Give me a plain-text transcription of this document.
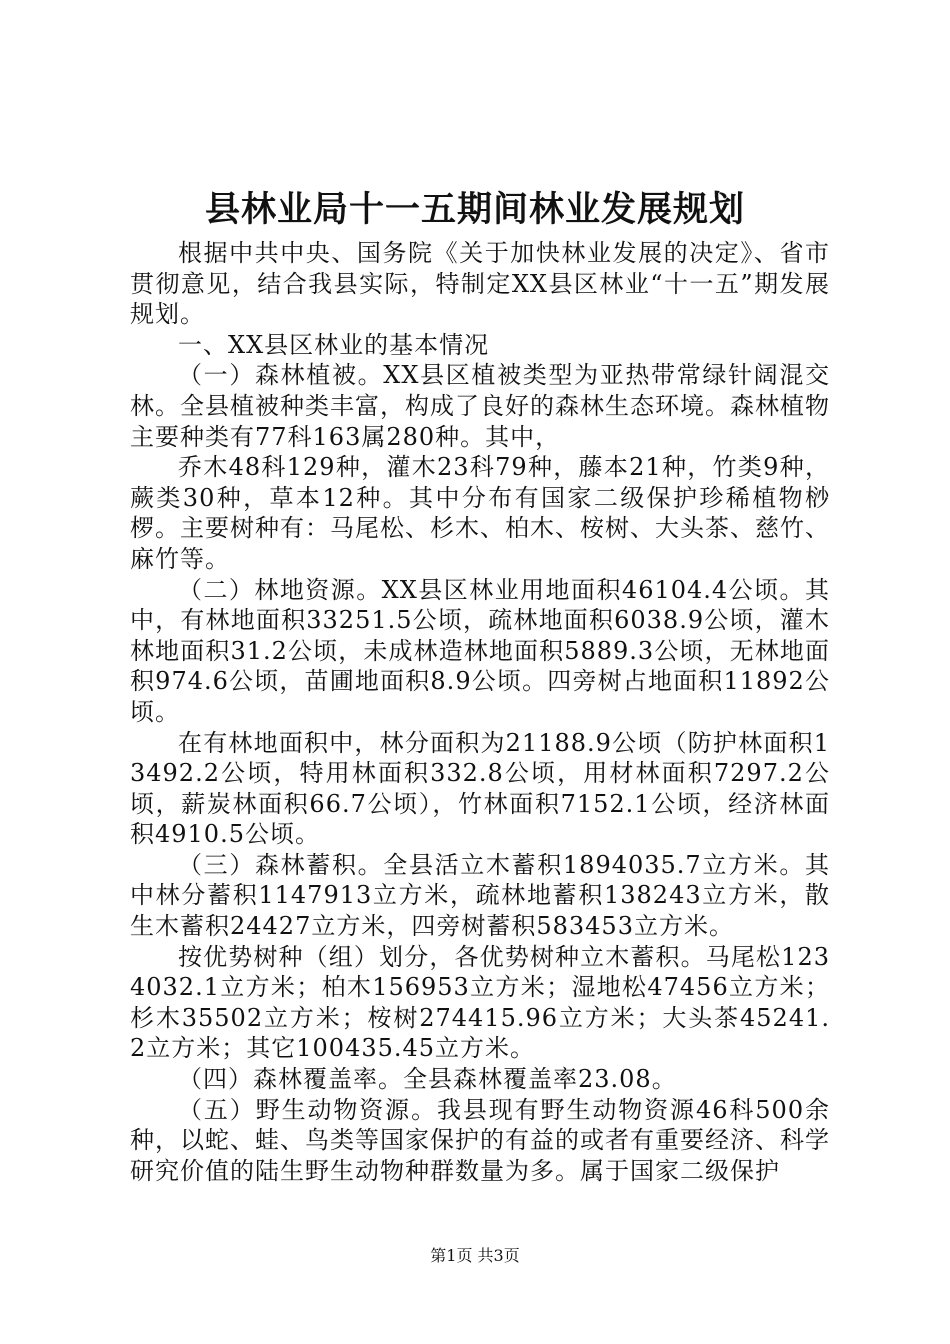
县林业局十一五期间林业发展规划

根据中共中央、国务院《关于加快林业发展的决定》、省市贯彻意见，结合我县实际，特制定XX县区林业“十一五”期发展规划。

一、XX县区林业的基本情况

（一）森林植被。XX县区植被类型为亚热带常绿针阔混交林。全县植被种类丰富，构成了良好的森林生态环境。森林植物主要种类有77科163属280种。其中，

乔木48科129种，灌木23科79种，藤本21种，竹类9种，蕨类30种，草本12种。其中分布有国家二级保护珍稀植物桫椤。主要树种有：马尾松、杉木、柏木、桉树、大头茶、慈竹、麻竹等。

（二）林地资源。XX县区林业用地面积46104.4公顷。其中，有林地面积33251.5公顷，疏林地面积6038.9公顷，灌木林地面积31.2公顷，未成林造林地面积5889.3公顷，无林地面积974.6公顷，苗圃地面积8.9公顷。四旁树占地面积11892公顷。

在有林地面积中，林分面积为21188.9公顷（防护林面积13492.2公顷，特用林面积332.8公顷，用材林面积7297.2公顷，薪炭林面积66.7公顷），竹林面积7152.1公顷，经济林面积4910.5公顷。

（三）森林蓄积。全县活立木蓄积1894035.7立方米。其中林分蓄积1147913立方米，疏林地蓄积138243立方米，散生木蓄积24427立方米，四旁树蓄积583453立方米。

按优势树种（组）划分，各优势树种立木蓄积。马尾松1234032.1立方米；柏木156953立方米；湿地松47456立方米；杉木35502立方米；桉树274415.96立方米；大头茶45241.2立方米；其它100435.45立方米。

（四）森林覆盖率。全县森林覆盖率23.08。

（五）野生动物资源。我县现有野生动物资源46科500余种，以蛇、蛙、鸟类等国家保护的有益的或者有重要经济、科学研究价值的陆生野生动物种群数量为多。属于国家二级保护

第1页 共3页
